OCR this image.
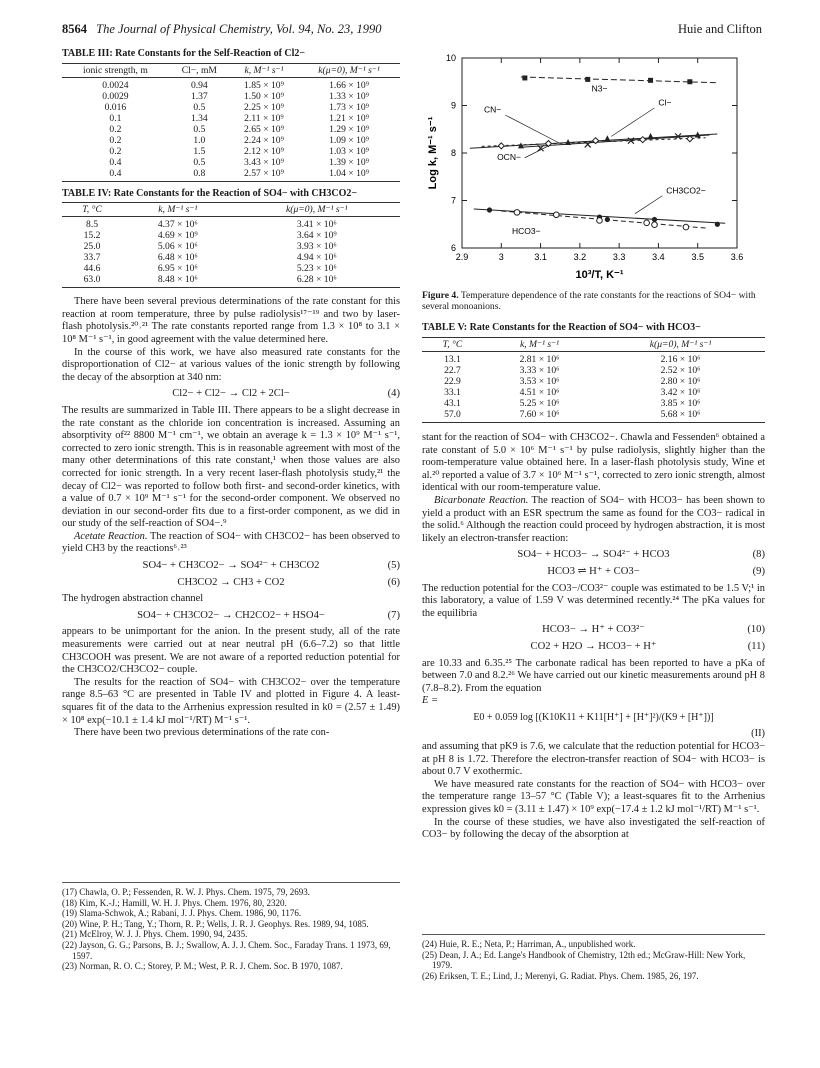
8564 The Journal of Physical Chemistry, Vol. 94, No. 23, 1990	Huie and Clifton
TABLE III: Rate Constants for the Self-Reaction of Cl2−
ionic strength, m	Cl−, mM	k, M⁻¹ s⁻¹	k(μ=0), M⁻¹ s⁻¹
0.0024	0.94	1.85 × 10⁹	1.66 × 10⁹
0.0029	1.37	1.50 × 10⁹	1.33 × 10⁹
0.016	0.5	2.25 × 10⁹	1.73 × 10⁹
0.1	1.34	2.11 × 10⁹	1.21 × 10⁹
0.2	0.5	2.65 × 10⁹	1.29 × 10⁹
0.2	1.0	2.24 × 10⁹	1.09 × 10⁹
0.2	1.5	2.12 × 10⁹	1.03 × 10⁹
0.4	0.5	3.43 × 10⁹	1.39 × 10⁹
0.4	0.8	2.57 × 10⁹	1.04 × 10⁹
TABLE IV: Rate Constants for the Reaction of SO4− with CH3CO2−
T, °C	k, M⁻¹ s⁻¹	k(μ=0), M⁻¹ s⁻¹
8.5	4.37 × 10⁶	3.41 × 10⁶
15.2	4.69 × 10⁹	3.64 × 10⁹
25.0	5.06 × 10⁶	3.93 × 10⁶
33.7	6.48 × 10⁶	4.94 × 10⁶
44.6	6.95 × 10⁶	5.23 × 10⁶
63.0	8.48 × 10⁶	6.28 × 10⁶

There have been several previous determinations of the rate constant for this reaction at room temperature, three by pulse radiolysis¹⁷⁻¹⁹ and two by laser-flash photolysis.²⁰˒²¹ The rate constants reported range from 1.3 × 10⁸ to 3.1 × 10⁸ M⁻¹ s⁻¹, in good agreement with the value determined here.

In the course of this work, we have also measured rate constants for the disproportionation of Cl2− at various values of the ionic strength by following the decay of the absorption at 340 nm:

Cl2− + Cl2− → Cl2 + 2Cl−	(4)

The results are summarized in Table III. There appears to be a slight decrease in the rate constant as the chloride ion concentration is increased. Assuming an absorptivity of²² 8800 M⁻¹ cm⁻¹, we obtain an average k = 1.3 × 10⁹ M⁻¹ s⁻¹, corrected to zero ionic strength. This is in reasonable agreement with most of the many other determinations of this rate constant,¹ when those values are also corrected for ionic strength. In a very recent laser-flash photolysis study,²¹ the decay of Cl2− was reported to follow both first- and second-order kinetics, with a value of 0.7 × 10⁹ M⁻¹ s⁻¹ for the second-order component. We observed no deviation in our second-order fits due to a first-order component, as we did in our study of the self-reaction of SO4−.⁹

Acetate Reaction. The reaction of SO4− with CH3CO2− has been observed to yield CH3 by the reactions⁶˒²³

SO4− + CH3CO2− → SO4²⁻ + CH3CO2	(5)
CH3CO2 → CH3 + CO2	(6)

The hydrogen abstraction channel

SO4− + CH3CO2− → CH2CO2− + HSO4−	(7)

appears to be unimportant for the anion. In the present study, all of the rate measurements were carried out at near neutral pH (6.6–7.2) so that little CH3COOH was present. We are not aware of a reported reduction potential for the CH3CO2/CH3CO2− couple.

The results for the reaction of SO4− with CH3CO2− over the temperature range 8.5–63 °C are presented in Table IV and plotted in Figure 4. A least-squares fit of the data to the Arrhenius expression resulted in k0 = (2.57 ± 1.49) × 10⁸ exp(−10.1 ± 1.4 kJ mol⁻¹/RT) M⁻¹ s⁻¹.

There have been two previous determinations of the rate con-

(17) Chawla, O. P.; Fessenden, R. W. J. Phys. Chem. 1975, 79, 2693.
(18) Kim, K.-J.; Hamill, W. H. J. Phys. Chem. 1976, 80, 2320.
(19) Slama-Schwok, A.; Rabani, J. J. Phys. Chem. 1986, 90, 1176.
(20) Wine, P. H.; Tang, Y.; Thorn, R. P.; Wells, J. R. J. Geophys. Res. 1989, 94, 1085.
(21) McElroy, W. J. J. Phys. Chem. 1990, 94, 2435.
(22) Jayson, G. G.; Parsons, B. J.; Swallow, A. J. J. Chem. Soc., Faraday Trans. 1 1973, 69, 1597.
(23) Norman, R. O. C.; Storey, P. M.; West, P. R. J. Chem. Soc. B 1970, 1087.
2.9	3	3.1	3.2	3.3	3.4	3.5	3.6
6
7
8
9
10
10³/T, K⁻¹
Log k, M⁻¹ s⁻¹
N3−
Cl−
CN−
OCN−
CH3CO2−
HCO3−
Figure 4. Temperature dependence of the rate constants for the reactions of SO4− with several monoanions.
TABLE V: Rate Constants for the Reaction of SO4− with HCO3−
T, °C	k, M⁻¹ s⁻¹	k(μ=0), M⁻¹ s⁻¹
13.1	2.81 × 10⁶	2.16 × 10⁶
22.7	3.33 × 10⁶	2.52 × 10⁶
22.9	3.53 × 10⁶	2.80 × 10⁶
33.1	4.51 × 10⁶	3.42 × 10⁶
43.1	5.25 × 10⁶	3.85 × 10⁶
57.0	7.60 × 10⁶	5.68 × 10⁶

stant for the reaction of SO4− with CH3CO2−. Chawla and Fessenden⁶ obtained a rate constant of 5.0 × 10⁶ M⁻¹ s⁻¹ by pulse radiolysis, slightly higher than the room-temperature value obtained here. In a laser-flash photolysis study, Wine et al.²⁰ reported a value of 3.7 × 10⁶ M⁻¹ s⁻¹, corrected to zero ionic strength, almost identical with our room-temperature value.

Bicarbonate Reaction. The reaction of SO4− with HCO3− has been shown to yield a product with an ESR spectrum the same as found for the CO3− radical in the solid.⁶ Although the reaction could proceed by hydrogen abstraction, it is most likely an electron-transfer reaction:

SO4− + HCO3− → SO4²⁻ + HCO3	(8)
HCO3 ⇌ H⁺ + CO3−	(9)

The reduction potential for the CO3−/CO3²⁻ couple was estimated to be 1.5 V;¹ in this laboratory, a value of 1.59 V was determined recently.²⁴ The pKa values for the equilibria

HCO3− → H⁺ + CO3²⁻	(10)
CO2 + H2O → HCO3− + H⁺	(11)

are 10.33 and 6.35.²⁵ The carbonate radical has been reported to have a pKa of between 7.0 and 8.2.²⁶ We have carried out our kinetic measurements around pH 8 (7.8–8.2). From the equation

E =
E0 + 0.059 log [(K10K11 + K11[H⁺] + [H⁺]²)/(K9 + [H⁺])]
(II)

and assuming that pK9 is 7.6, we calculate that the reduction potential for HCO3− at pH 8 is 1.72. Therefore the electron-transfer reaction of SO4− with HCO3− is about 0.7 V exothermic.

We have measured rate constants for the reaction of SO4− with HCO3− over the temperature range 13–57 °C (Table V); a least-squares fit to the Arrhenius expression gives k0 = (3.11 ± 1.47) × 10⁹ exp(−17.4 ± 1.2 kJ mol⁻¹/RT) M⁻¹ s⁻¹.

In the course of these studies, we have also investigated the self-reaction of CO3− by following the decay of the absorption at

(24) Huie, R. E.; Neta, P.; Harriman, A., unpublished work.
(25) Dean, J. A.; Ed. Lange's Handbook of Chemistry, 12th ed.; McGraw-Hill: New York, 1979.
(26) Eriksen, T. E.; Lind, J.; Merenyi, G. Radiat. Phys. Chem. 1985, 26, 197.
